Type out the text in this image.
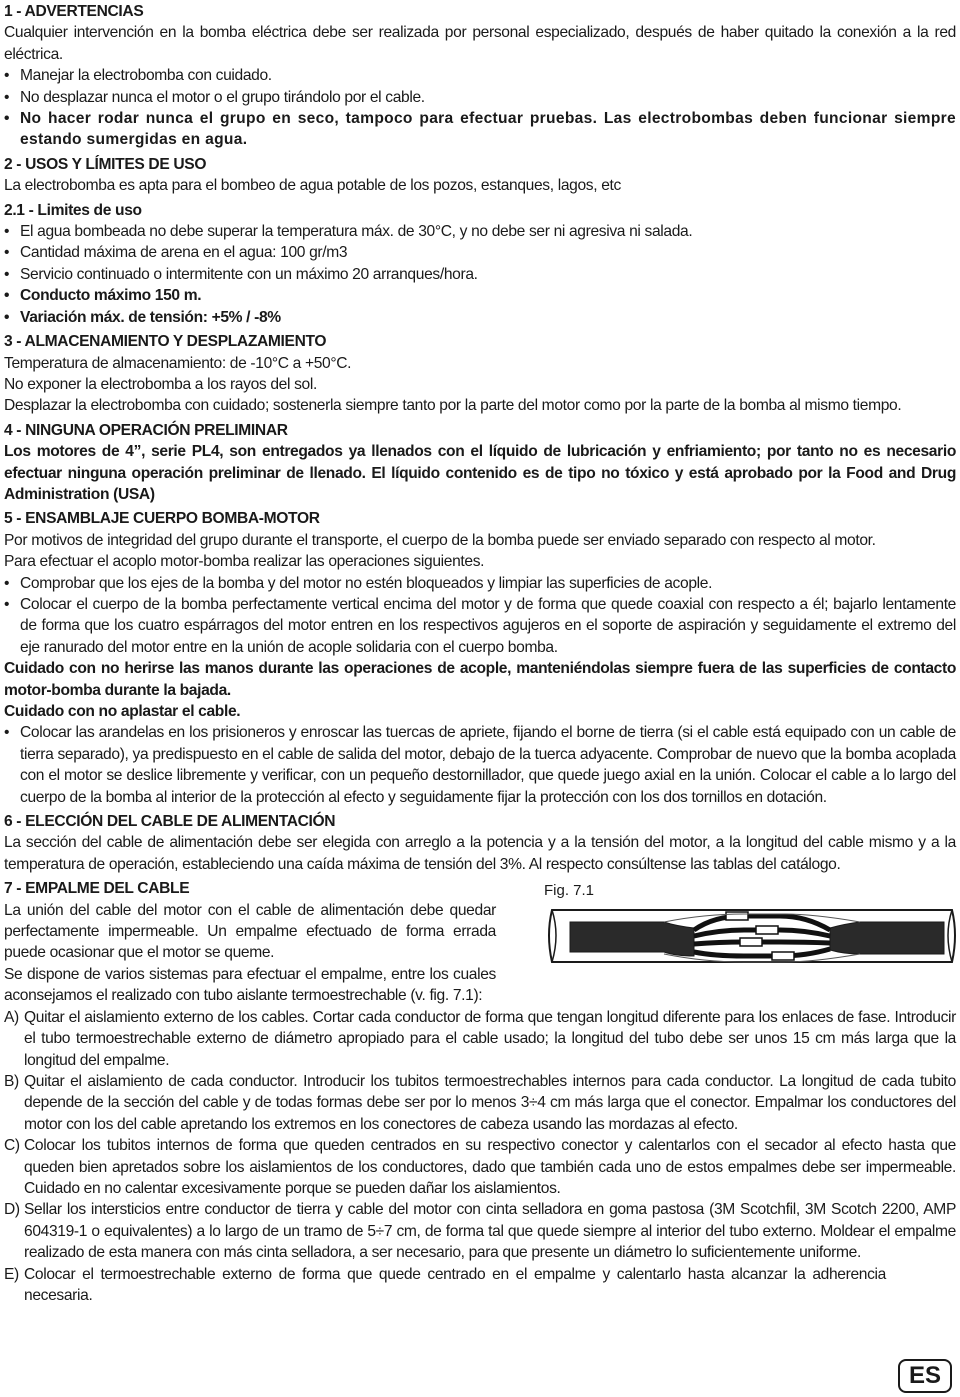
1 - ADVERTENCIAS

Cualquier intervención en la bomba eléctrica debe ser realizada por personal especializado, después de haber quitado la conexión a la red eléctrica.

• Manejar la electrobomba con cuidado.
• No desplazar nunca el motor o el grupo tirándolo por el cable.
• No hacer rodar nunca el grupo en seco, tampoco para efectuar pruebas. Las electrobombas deben funcionar siempre estando sumergidas en agua.

2 - USOS Y LÍMITES DE USO

La electrobomba es apta para el bombeo de agua potable de los pozos, estanques, lagos, etc

2.1 - Limites de uso

• El agua bombeada no debe superar la temperatura máx. de 30°C, y no debe ser ni agresiva ni salada.
• Cantidad máxima de arena en el agua: 100 gr/m3
• Servicio continuado o intermitente con un máximo 20 arranques/hora.
• Conducto máximo 150 m.
• Variación máx. de tensión: +5% / -8%

3 - ALMACENAMIENTO Y DESPLAZAMIENTO

Temperatura de almacenamiento: de -10°C a +50°C.

No exponer la electrobomba a los rayos del sol.

Desplazar la electrobomba con cuidado; sostenerla siempre tanto por la parte del motor como por la parte de la bomba al mismo tiempo.

4 - NINGUNA OPERACIÓN PRELIMINAR

Los motores de 4”, serie PL4, son entregados ya llenados con el líquido de lubricación y enfriamiento; por tanto no es necesario efectuar ninguna operación preliminar de llenado. El líquido contenido es de tipo no tóxico y está aprobado por la Food and Drug Administration (USA)

5 - ENSAMBLAJE CUERPO BOMBA-MOTOR

Por motivos de integridad del grupo durante el transporte, el cuerpo de la bomba puede ser enviado separado con respecto al motor.

Para efectuar el acoplo motor-bomba realizar las operaciones siguientes.

• Comprobar que los ejes de la bomba y del motor no estén bloqueados y limpiar las superficies de acople.
• Colocar el cuerpo de la bomba perfectamente vertical encima del motor y de forma que quede coaxial con respecto a él; bajarlo lentamente de forma que los cuatro espárragos del motor entren en los respectivos agujeros en el soporte de aspiración y seguidamente el extremo del eje ranurado del motor entre en la unión de acople solidaria con el cuerpo bomba.

Cuidado con no herirse las manos durante las operaciones de acople, manteniéndolas siempre fuera de las superficies de contacto motor-bomba durante la bajada.

Cuidado con no aplastar el cable.

• Colocar las arandelas en los prisioneros y enroscar las tuercas de apriete, fijando el borne de tierra (si el cable está equipado con un cable de tierra separado), ya predispuesto en el cable de salida del motor, debajo de la tuerca adyacente. Comprobar de nuevo que la bomba acoplada con el motor se deslice libremente y verificar, con un pequeño destornillador, que quede juego axial en la unión. Colocar el cable a lo largo del cuerpo de la bomba al interior de la protección al efecto y seguidamente fijar la protección con los dos tornillos en dotación.

6 - ELECCIÓN DEL CABLE DE ALIMENTACIÓN

La sección del cable de alimentación debe ser elegida con arreglo a la potencia y a la tensión del motor, a la longitud del cable mismo y a la temperatura de operación, estableciendo una caída máxima de tensión del 3%. Al respecto consúltense las tablas del catálogo.

7 - EMPALME DEL CABLE

La unión del cable del motor con el cable de alimentación debe quedar perfectamente impermeable. Un empalme efectuado de forma errada puede ocasionar que el motor se queme.

Se dispone de varios sistemas para efectuar el empalme, entre los cuales aconsejamos el realizado con tubo aislante termoestrechable (v. fig. 7.1):

Fig. 7.1
A) Quitar el aislamiento externo de los cables. Cortar cada conductor de forma que tengan longitud diferente para los enlaces de fase. Introducir el tubo termoestrechable externo de diámetro apropiado para el cable usado; la longitud del tubo debe ser unos 15 cm más larga que la longitud del empalme.
B) Quitar el aislamiento de cada conductor. Introducir los tubitos termoestrechables internos para cada conductor. La longitud de cada tubito depende de la sección del cable y de todas formas debe ser por lo menos 3÷4 cm más larga que el conector. Empalmar los conductores del motor con los del cable apretando los extremos en los conectores de cabeza usando las mordazas al efecto.
C) Colocar los tubitos internos de forma que queden centrados en su respectivo conector y calentarlos con el secador al efecto hasta que queden bien apretados sobre los aislamientos de los conductores, dado que también cada uno de estos empalmes debe ser impermeable. Cuidado en no calentar excesivamente porque se pueden dañar los aislamientos.
D) Sellar los intersticios entre conductor de tierra y cable del motor con cinta selladora en goma pastosa (3M Scotchfil, 3M Scotch 2200, AMP 604319-1 o equivalentes) a lo largo de un tramo de 5÷7 cm, de forma tal que quede siempre al interior del tubo externo. Moldear el empalme realizado de esta manera con más cinta selladora, a ser necesario, para que presente un diámetro lo suficientemente uniforme.
E) Colocar el termoestrechable externo de forma que quede centrado en el empalme y calentarlo hasta alcanzar la adherencia necesaria.
ES
